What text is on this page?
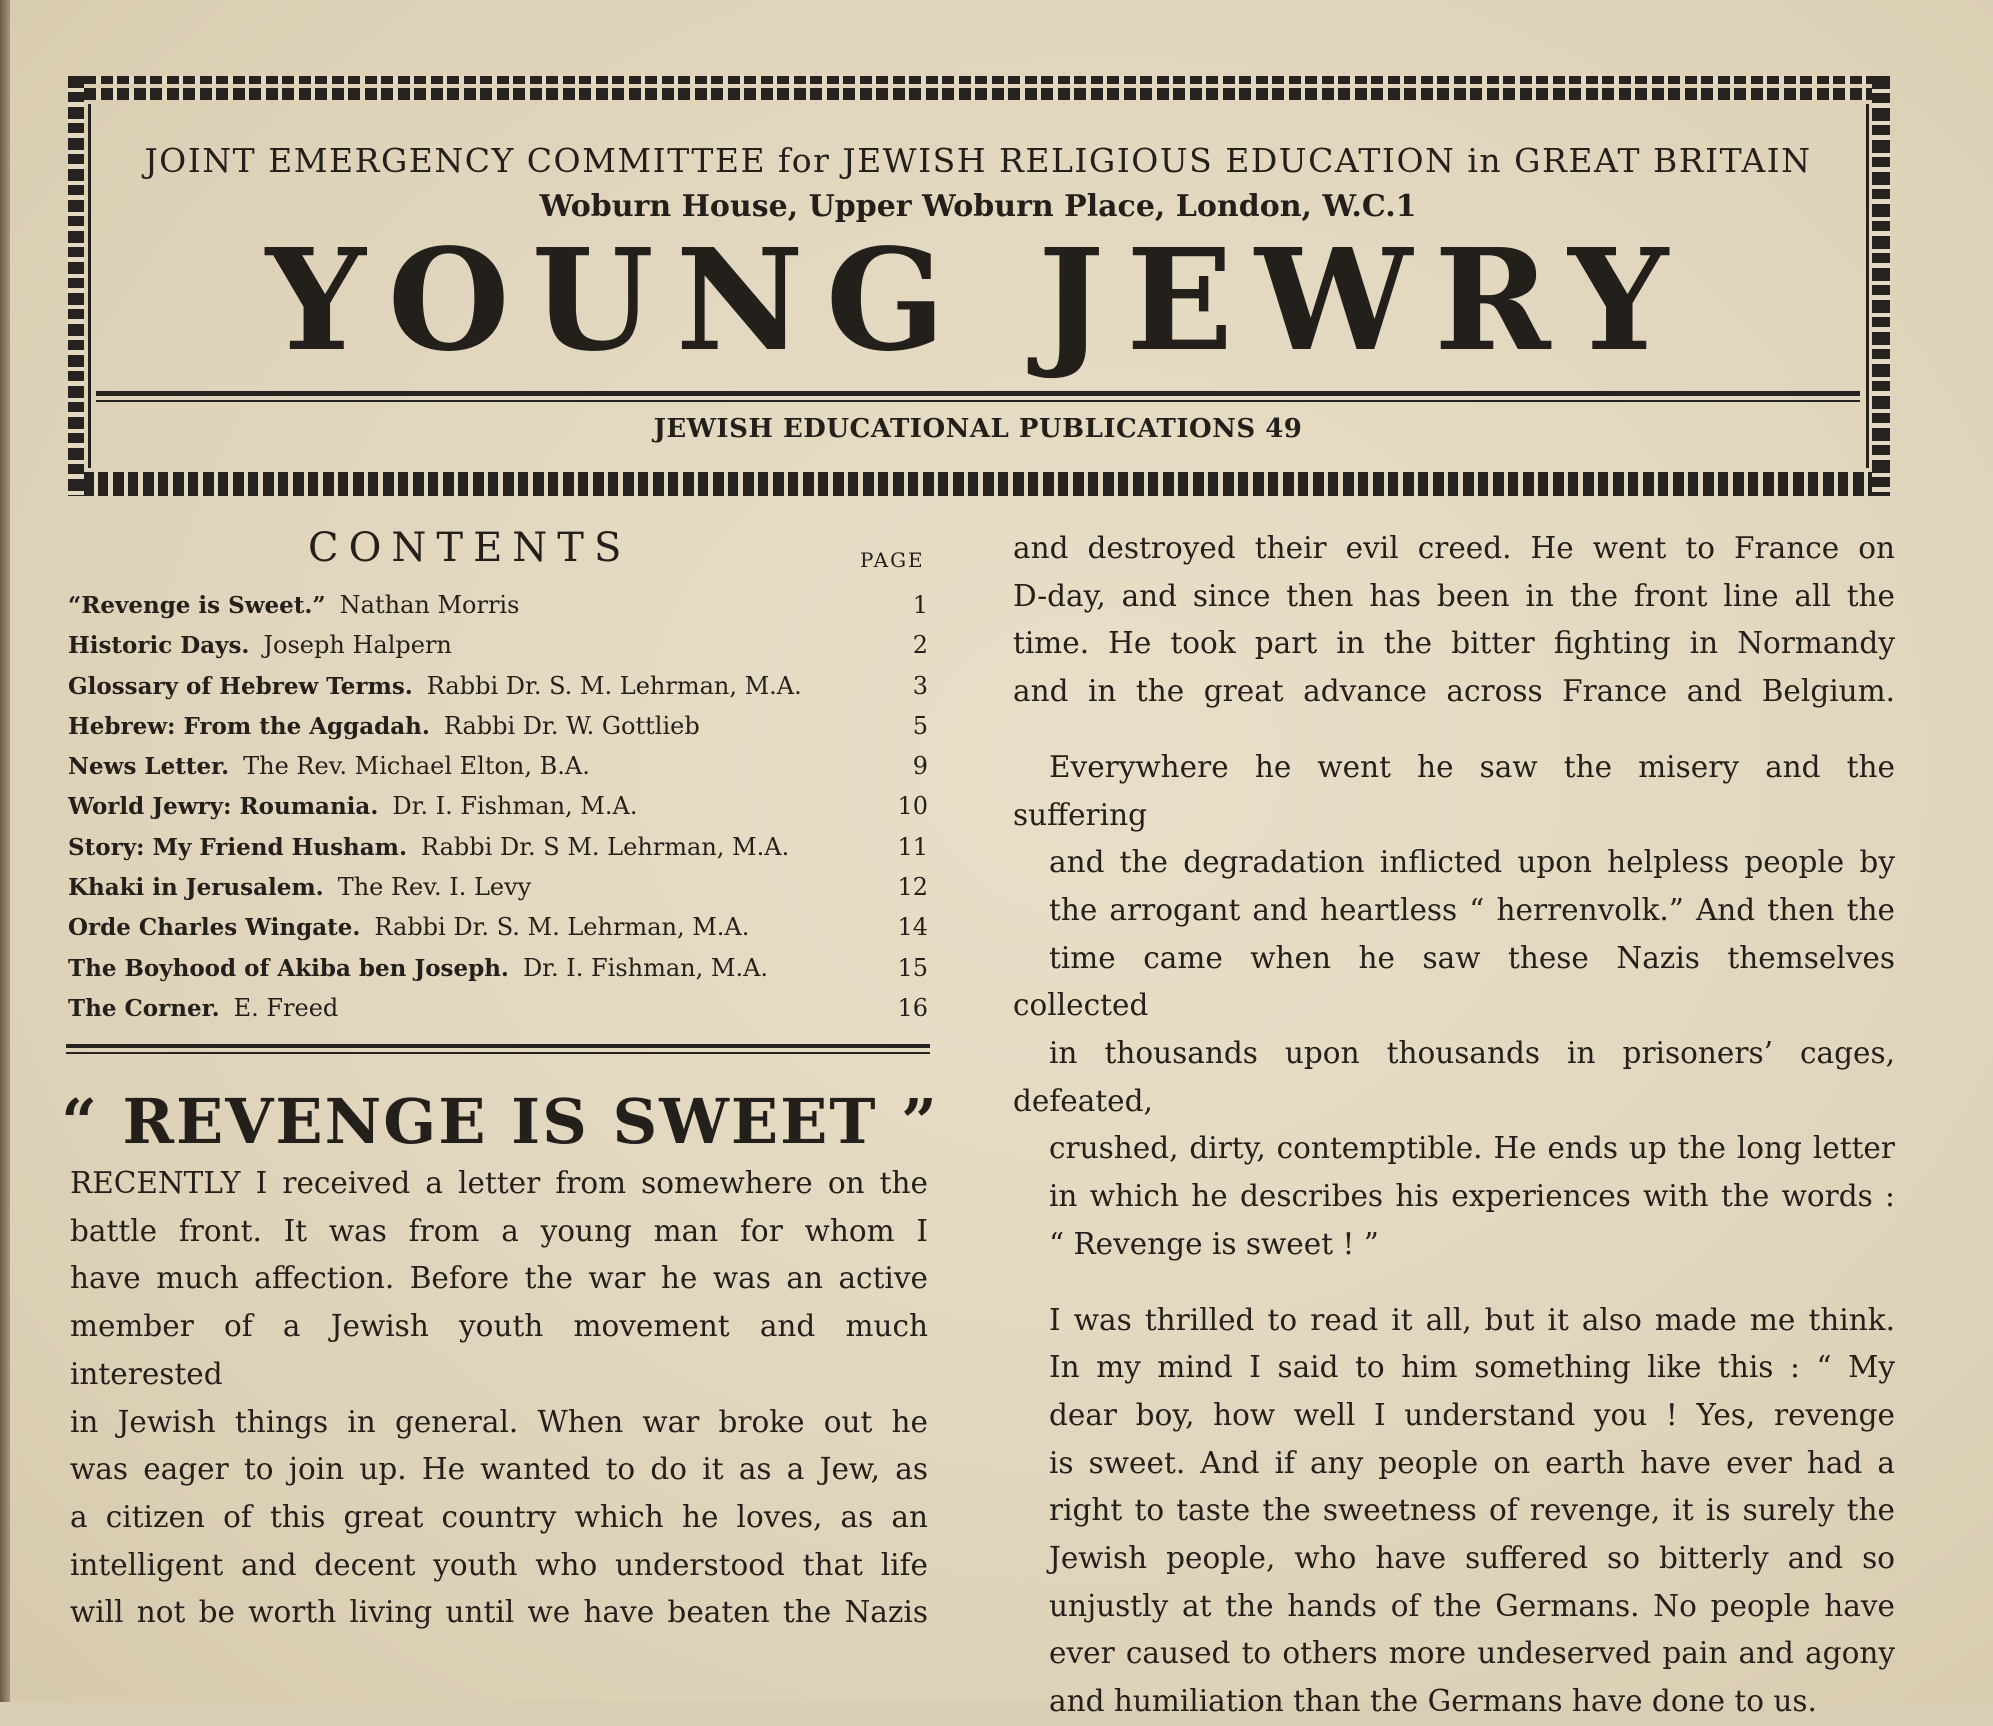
JOINT EMERGENCY COMMITTEE for JEWISH RELIGIOUS EDUCATION in GREAT BRITAIN
Woburn House, Upper Woburn Place, London, W.C.1
YOUNG JEWRY
JEWISH EDUCATIONAL PUBLICATIONS 49
CONTENTS	PAGE
“Revenge is Sweet.” Nathan Morris	1
Historic Days. Joseph Halpern	2
Glossary of Hebrew Terms. Rabbi Dr. S. M. Lehrman, M.A.	3
Hebrew: From the Aggadah. Rabbi Dr. W. Gottlieb	5
News Letter. The Rev. Michael Elton, B.A.	9
World Jewry: Roumania. Dr. I. Fishman, M.A.	10
Story: My Friend Husham. Rabbi Dr. S M. Lehrman, M.A.	11
Khaki in Jerusalem. The Rev. I. Levy	12
Orde Charles Wingate. Rabbi Dr. S. M. Lehrman, M.A.	14
The Boyhood of Akiba ben Joseph. Dr. I. Fishman, M.A.	15
The Corner. E. Freed	16
“ REVENGE IS SWEET ”

RECENTLY I received a letter from somewhere on the
battle front. It was from a young man for whom I
have much affection. Before the war he was an active
member of a Jewish youth movement and much interested
in Jewish things in general. When war broke out he
was eager to join up. He wanted to do it as a Jew, as
a citizen of this great country which he loves, as an
intelligent and decent youth who understood that life
will not be worth living until we have beaten the Nazis

and destroyed their evil creed. He went to France on
D-day, and since then has been in the front line all the
time. He took part in the bitter fighting in Normandy
and in the great advance across France and Belgium.

Everywhere he went he saw the misery and the suffering
and the degradation inflicted upon helpless people by
the arrogant and heartless “ herrenvolk.” And then the
time came when he saw these Nazis themselves collected
in thousands upon thousands in prisoners’ cages, defeated,
crushed, dirty, contemptible. He ends up the long letter
in which he describes his experiences with the words :
“ Revenge is sweet ! ”

I was thrilled to read it all, but it also made me think.
In my mind I said to him something like this : “ My
dear boy, how well I understand you ! Yes, revenge
is sweet. And if any people on earth have ever had a
right to taste the sweetness of revenge, it is surely the
Jewish people, who have suffered so bitterly and so
unjustly at the hands of the Germans. No people have
ever caused to others more undeserved pain and agony
and humiliation than the Germans have done to us.
